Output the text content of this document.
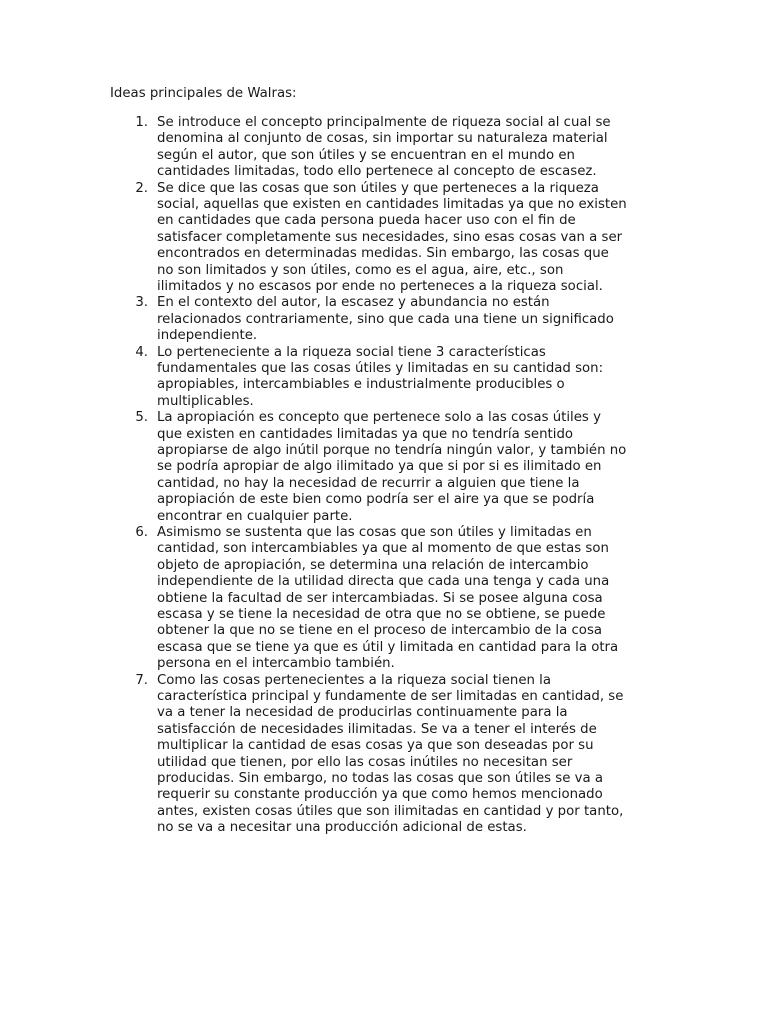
Ideas principales de Walras:
1. Se introduce el concepto principalmente de riqueza social al cual se
denomina al conjunto de cosas, sin importar su naturaleza material
según el autor, que son útiles y se encuentran en el mundo en
cantidades limitadas, todo ello pertenece al concepto de escasez.
2. Se dice que las cosas que son útiles y que perteneces a la riqueza
social, aquellas que existen en cantidades limitadas ya que no existen
en cantidades que cada persona pueda hacer uso con el fin de
satisfacer completamente sus necesidades, sino esas cosas van a ser
encontrados en determinadas medidas. Sin embargo, las cosas que
no son limitados y son útiles, como es el agua, aire, etc., son
ilimitados y no escasos por ende no perteneces a la riqueza social.
3. En el contexto del autor, la escasez y abundancia no están
relacionados contrariamente, sino que cada una tiene un significado
independiente.
4. Lo perteneciente a la riqueza social tiene 3 características
fundamentales que las cosas útiles y limitadas en su cantidad son:
apropiables, intercambiables e industrialmente producibles o
multiplicables.
5. La apropiación es concepto que pertenece solo a las cosas útiles y
que existen en cantidades limitadas ya que no tendría sentido
apropiarse de algo inútil porque no tendría ningún valor, y también no
se podría apropiar de algo ilimitado ya que si por si es ilimitado en
cantidad, no hay la necesidad de recurrir a alguien que tiene la
apropiación de este bien como podría ser el aire ya que se podría
encontrar en cualquier parte.
6. Asimismo se sustenta que las cosas que son útiles y limitadas en
cantidad, son intercambiables ya que al momento de que estas son
objeto de apropiación, se determina una relación de intercambio
independiente de la utilidad directa que cada una tenga y cada una
obtiene la facultad de ser intercambiadas. Si se posee alguna cosa
escasa y se tiene la necesidad de otra que no se obtiene, se puede
obtener la que no se tiene en el proceso de intercambio de la cosa
escasa que se tiene ya que es útil y limitada en cantidad para la otra
persona en el intercambio también.
7. Como las cosas pertenecientes a la riqueza social tienen la
característica principal y fundamente de ser limitadas en cantidad, se
va a tener la necesidad de producirlas continuamente para la
satisfacción de necesidades ilimitadas. Se va a tener el interés de
multiplicar la cantidad de esas cosas ya que son deseadas por su
utilidad que tienen, por ello las cosas inútiles no necesitan ser
producidas. Sin embargo, no todas las cosas que son útiles se va a
requerir su constante producción ya que como hemos mencionado
antes, existen cosas útiles que son ilimitadas en cantidad y por tanto,
no se va a necesitar una producción adicional de estas.
